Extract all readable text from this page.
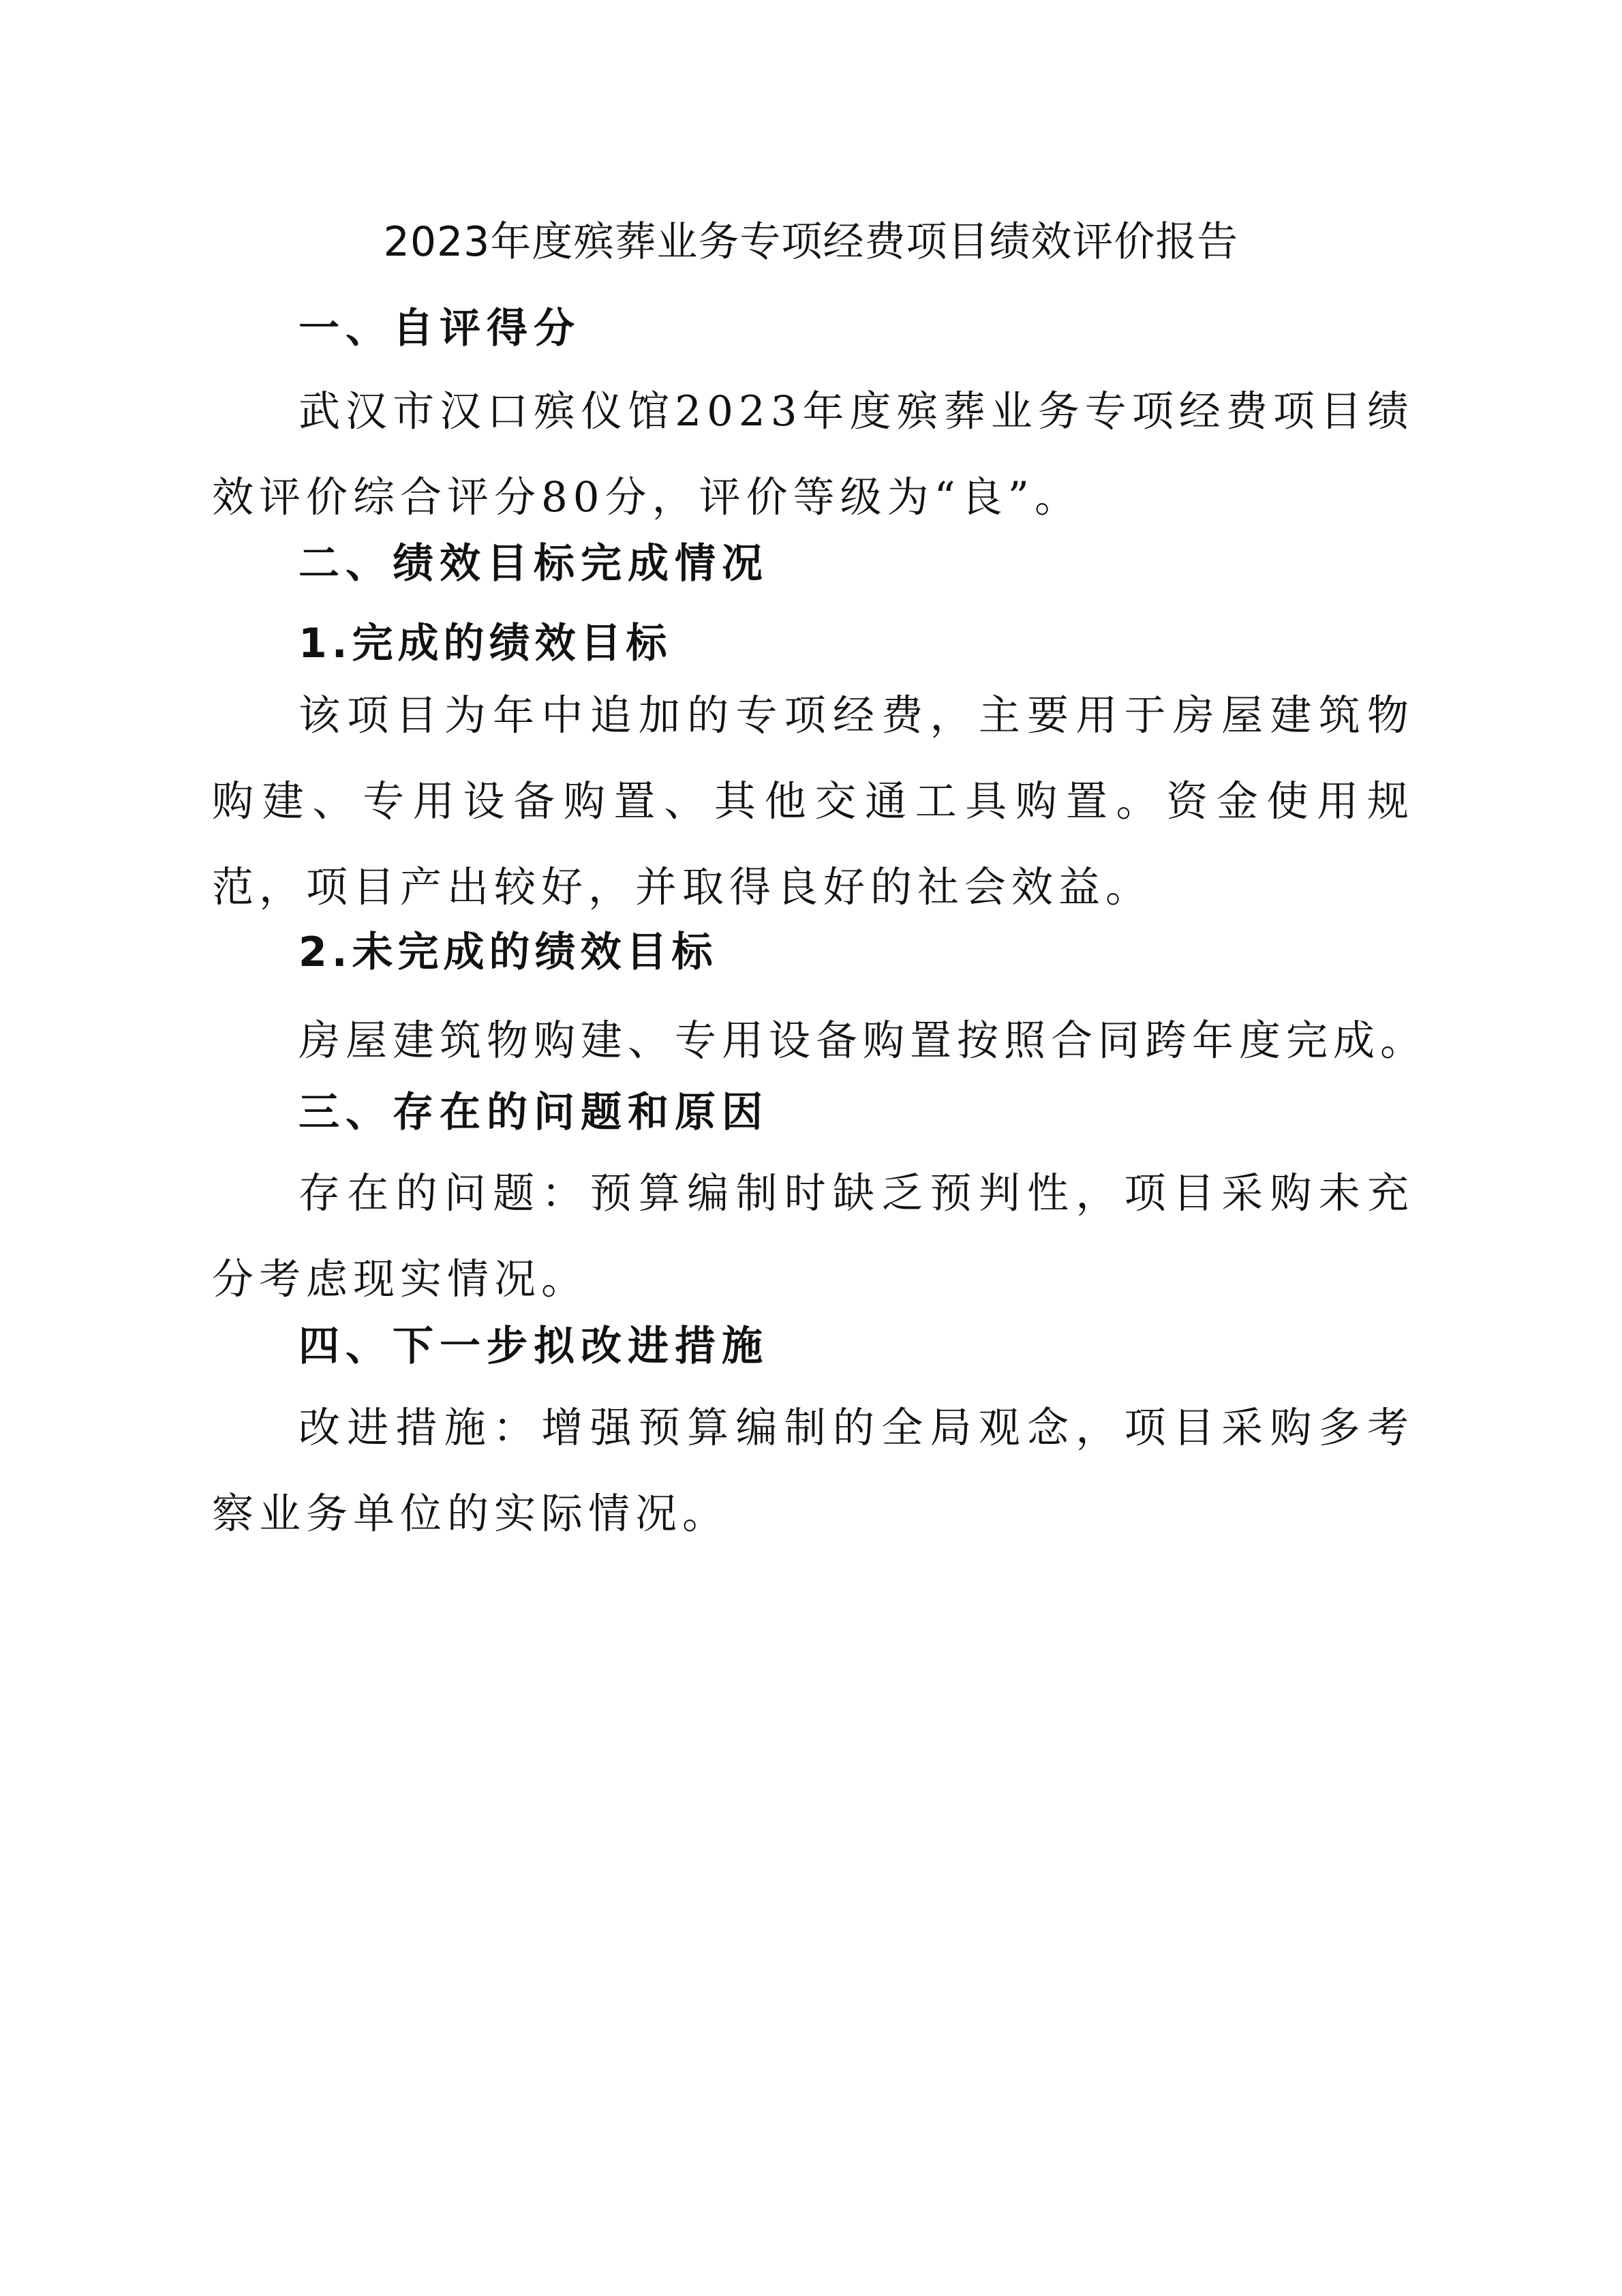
2023年度殡葬业务专项经费项目绩效评价报告
一、自评得分

武汉市汉口殡仪馆2023年度殡葬业务专项经费项目绩效评价综合评分80分，评价等级为“良”。

二、绩效目标完成情况
1.完成的绩效目标

该项目为年中追加的专项经费，主要用于房屋建筑物购建、专用设备购置、其他交通工具购置。资金使用规范，项目产出较好，并取得良好的社会效益。

2.未完成的绩效目标

房屋建筑物购建、专用设备购置按照合同跨年度完成。

三、存在的问题和原因

存在的问题：预算编制时缺乏预判性，项目采购未充分考虑现实情况。

四、下一步拟改进措施

改进措施：增强预算编制的全局观念，项目采购多考察业务单位的实际情况。
